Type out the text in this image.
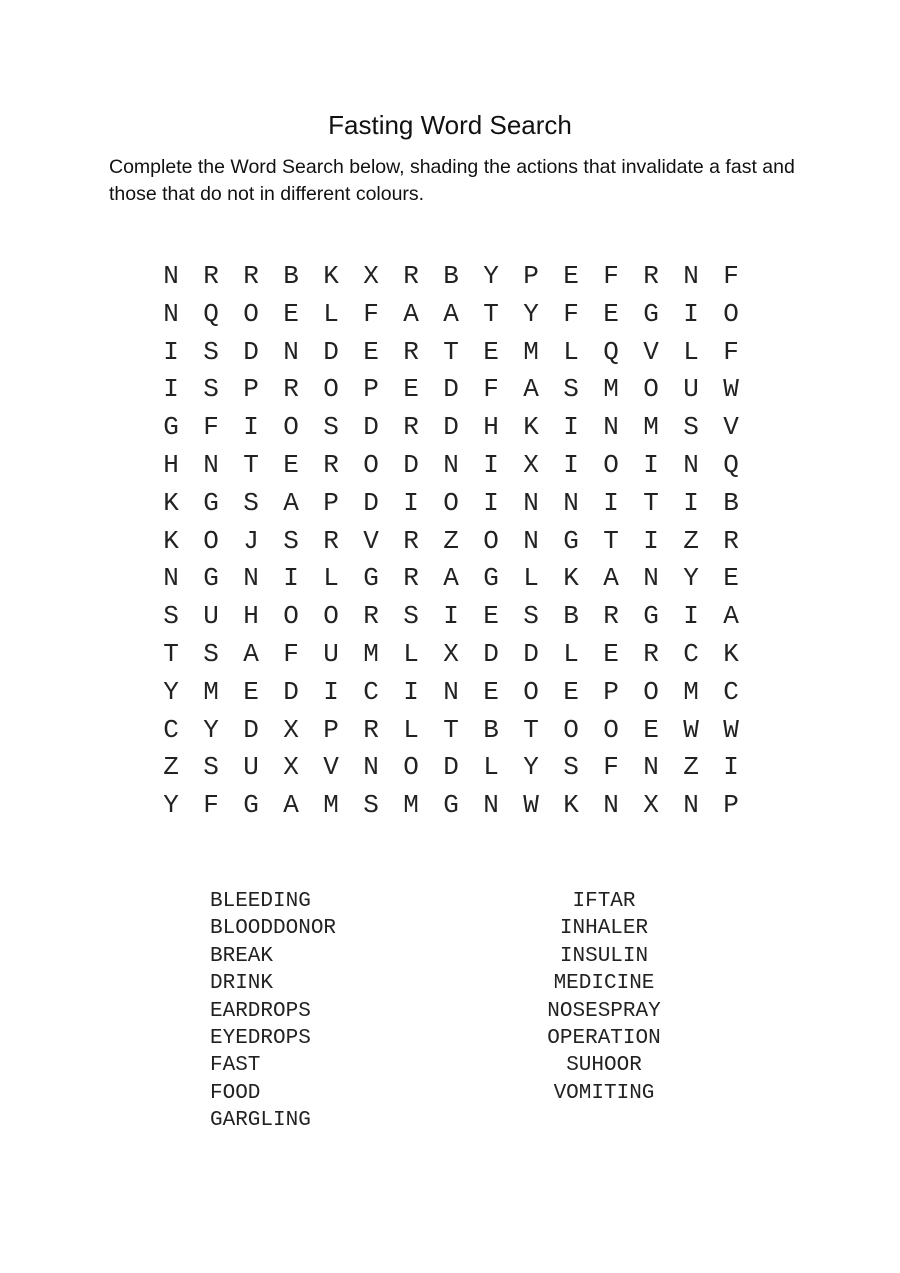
Fasting Word Search

Complete the Word Search below, shading the actions that invalidate a fast and those that do not in different colours.

N R R B K X R B Y P E F R N F
N Q O E L F A A T Y F E G I O
I S D N D E R T E M L Q V L F
I S P R O P E D F A S M O U W
G F I O S D R D H K I N M S V
H N T E R O D N I X I O I N Q
K G S A P D I O I N N I T I B
K O J S R V R Z O N G T I Z R
N G N I L G R A G L K A N Y E
S U H O O R S I E S B R G I A
T S A F U M L X D D L E R C K
Y M E D I C I N E O E P O M C
C Y D X P R L T B T O O E W W
Z S U X V N O D L Y S F N Z I
Y F G A M S M G N W K N X N P
BLEEDING
BLOODDONOR
BREAK
DRINK
EARDROPS
EYEDROPS
FAST
FOOD
GARGLING
IFTAR
INHALER
INSULIN
MEDICINE
NOSESPRAY
OPERATION
SUHOOR
VOMITING
